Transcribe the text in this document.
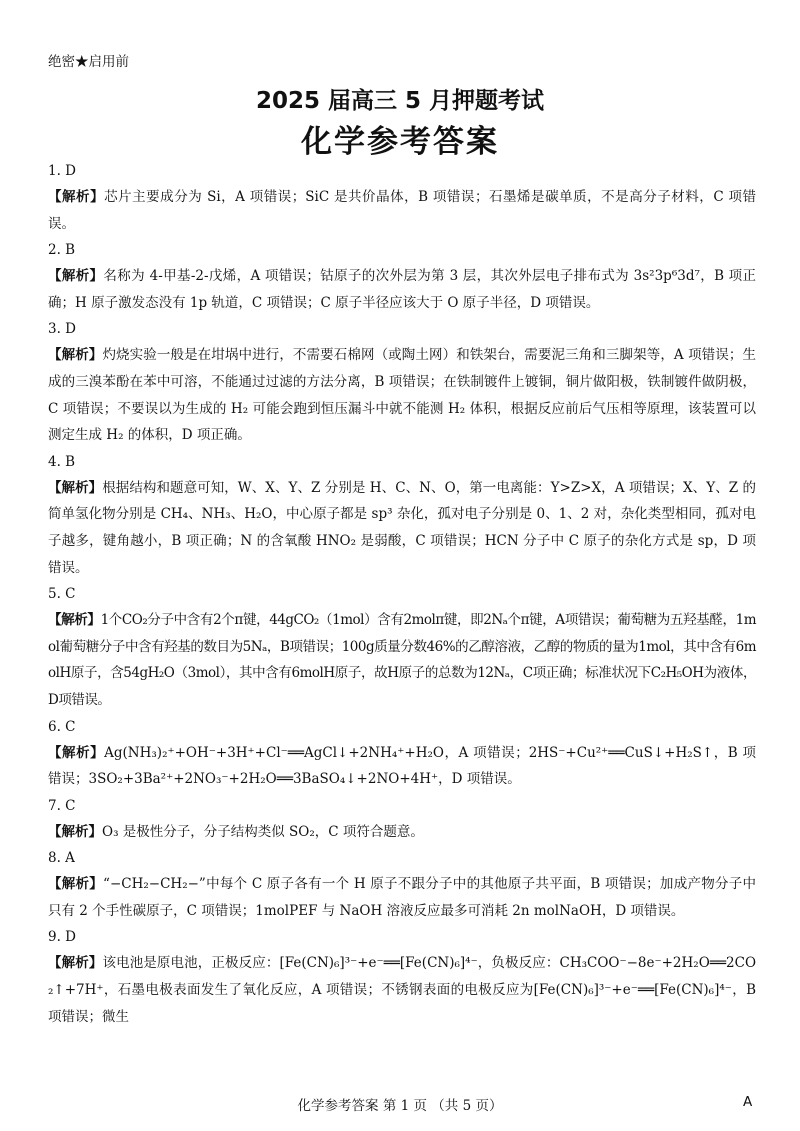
绝密★启用前
2025 届高三 5 月押题考试
化学参考答案
1. D
【解析】芯片主要成分为 Si，A 项错误；SiC 是共价晶体，B 项错误；石墨烯是碳单质，不是高分子材料，C 项错误。
2. B
【解析】名称为 4-甲基-2-戊烯，A 项错误；钴原子的次外层为第 3 层，其次外层电子排布式为 3s²3p⁶3d⁷，B 项正确；H 原子激发态没有 1p 轨道，C 项错误；C 原子半径应该大于 O 原子半径，D 项错误。
3. D
【解析】灼烧实验一般是在坩埚中进行，不需要石棉网（或陶土网）和铁架台，需要泥三角和三脚架等，A 项错误；生成的三溴苯酚在苯中可溶，不能通过过滤的方法分离，B 项错误；在铁制镀件上镀铜，铜片做阳极，铁制镀件做阴极，C 项错误；不要误以为生成的 H₂ 可能会跑到恒压漏斗中就不能测 H₂ 体积，根据反应前后气压相等原理，该装置可以测定生成 H₂ 的体积，D 项正确。
4. B
【解析】根据结构和题意可知，W、X、Y、Z 分别是 H、C、N、O，第一电离能：Y>Z>X，A 项错误；X、Y、Z 的简单氢化物分别是 CH₄、NH₃、H₂O，中心原子都是 sp³ 杂化，孤对电子分别是 0、1、2 对，杂化类型相同，孤对电子越多，键角越小，B 项正确；N 的含氧酸 HNO₂ 是弱酸，C 项错误；HCN 分子中 C 原子的杂化方式是 sp，D 项错误。
5. C
【解析】1个CO₂分子中含有2个π键，44gCO₂（1mol）含有2molπ键，即2Nₐ个π键，A项错误；葡萄糖为五羟基醛，1mol葡萄糖分子中含有羟基的数目为5Nₐ，B项错误；100g质量分数46%的乙醇溶液，乙醇的物质的量为1mol，其中含有6molH原子，含54gH₂O（3mol），其中含有6molH原子，故H原子的总数为12Nₐ，C项正确；标准状况下C₂H₅OH为液体，D项错误。
6. C
【解析】Ag(NH₃)₂⁺+OH⁻+3H⁺+Cl⁻══AgCl↓+2NH₄⁺+H₂O，A 项错误；2HS⁻+Cu²⁺══CuS↓+H₂S↑，B 项错误；3SO₂+3Ba²⁺+2NO₃⁻+2H₂O══3BaSO₄↓+2NO+4H⁺，D 项错误。
7. C
【解析】O₃ 是极性分子，分子结构类似 SO₂，C 项符合题意。
8. A
【解析】“−CH₂−CH₂−”中每个 C 原子各有一个 H 原子不跟分子中的其他原子共平面，B 项错误；加成产物分子中只有 2 个手性碳原子，C 项错误；1molPEF 与 NaOH 溶液反应最多可消耗 2n molNaOH，D 项错误。
9. D
【解析】该电池是原电池，正极反应：[Fe(CN)₆]³⁻+e⁻══[Fe(CN)₆]⁴⁻，负极反应：CH₃COO⁻−8e⁻+2H₂O══2CO₂↑+7H⁺，石墨电极表面发生了氧化反应，A 项错误；不锈钢表面的电极反应为[Fe(CN)₆]³⁻+e⁻══[Fe(CN)₆]⁴⁻，B 项错误；微生
化学参考答案 第 1 页 （共 5 页）	A
